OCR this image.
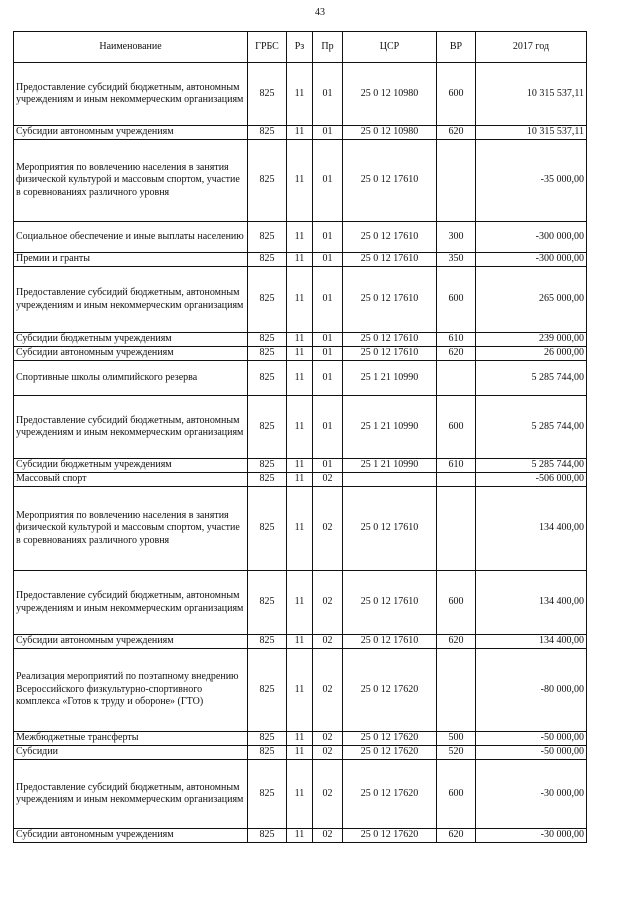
43
Наименование	ГРБС	Рз	Пр	ЦСР	ВР	2017 год
Предоставление субсидий бюджетным, автономным учреждениям и иным некоммерческим организациям	825	11	01	25 0 12 10980	600	10 315 537,11
Субсидии автономным учреждениям	825	11	01	25 0 12 10980	620	10 315 537,11
Мероприятия по вовлечению населения в занятия физической культурой и массовым спортом, участие в соревнованиях различного уровня	825	11	01	25 0 12 17610		-35 000,00
Социальное обеспечение и иные выплаты населению	825	11	01	25 0 12 17610	300	-300 000,00
Премии и гранты	825	11	01	25 0 12 17610	350	-300 000,00
Предоставление субсидий бюджетным, автономным учреждениям и иным некоммерческим организациям	825	11	01	25 0 12 17610	600	265 000,00
Субсидии бюджетным учреждениям	825	11	01	25 0 12 17610	610	239 000,00
Субсидии автономным учреждениям	825	11	01	25 0 12 17610	620	26 000,00
Спортивные школы олимпийского резерва	825	11	01	25 1 21 10990		5 285 744,00
Предоставление субсидий бюджетным, автономным учреждениям и иным некоммерческим организациям	825	11	01	25 1 21 10990	600	5 285 744,00
Субсидии бюджетным учреждениям	825	11	01	25 1 21 10990	610	5 285 744,00
Массовый спорт	825	11	02			-506 000,00
Мероприятия по вовлечению населения в занятия физической культурой и массовым спортом, участие в соревнованиях различного уровня	825	11	02	25 0 12 17610		134 400,00
Предоставление субсидий бюджетным, автономным учреждениям и иным некоммерческим организациям	825	11	02	25 0 12 17610	600	134 400,00
Субсидии автономным учреждениям	825	11	02	25 0 12 17610	620	134 400,00
Реализация мероприятий по поэтапному внедрению Всероссийского физкультурно-спортивного комплекса «Готов к труду и обороне» (ГТО)	825	11	02	25 0 12 17620		-80 000,00
Межбюджетные трансферты	825	11	02	25 0 12 17620	500	-50 000,00
Субсидии	825	11	02	25 0 12 17620	520	-50 000,00
Предоставление субсидий бюджетным, автономным учреждениям и иным некоммерческим организациям	825	11	02	25 0 12 17620	600	-30 000,00
Субсидии автономным учреждениям	825	11	02	25 0 12 17620	620	-30 000,00
